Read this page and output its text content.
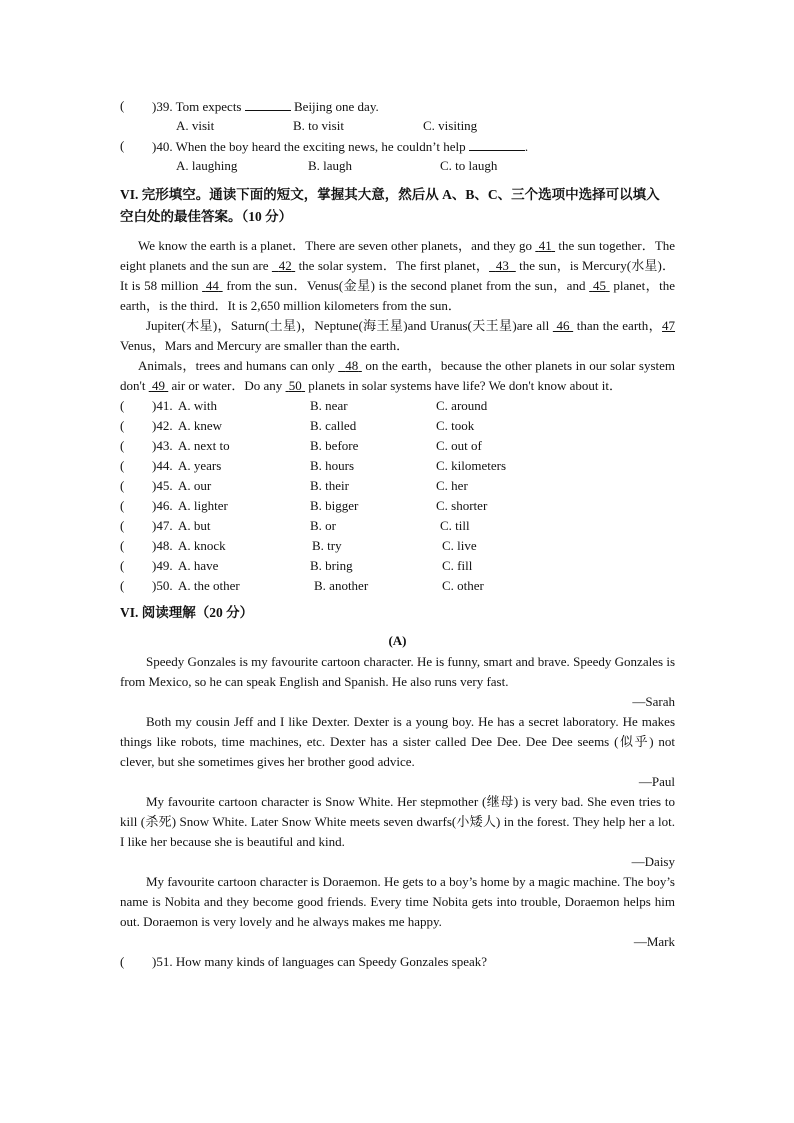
( )39. Tom expects	Beijing one day.
A. visit	B. to visit	C. visiting
( )40. When the boy heard the exciting news, he couldn’t help	.
A. laughing	B. laugh	C. to laugh
VI. 完形填空。通读下面的短文，掌握其大意，然后从 A、B、C、三个选项中选择可以填入
空白处的最佳答案。（10 分）
We know the earth is a planet．There are seven other planets，and they go  41  the sun together．The eight planets and the sun are   42  the solar system．The first planet， 43   the sun，is Mercury(水星)．It is 58 million  44  from the sun．Venus(金星) is the second planet from the sun，and  45  planet，the earth，is the third．It is 2,650 million kilometers from the sun．
Jupiter(木星)，Saturn(土星)，Neptune(海王星)and Uranus(天王星)are all  46  than the earth，47 Venus，Mars and Mercury are smaller than the earth．
Animals，trees and humans can only   48  on the earth，because the other planets in our solar system don't  49  air or water．Do any  50  planets in solar systems have life? We don't know about it．
( )41. A. with	B. near	C. around
( )42. A. knew	B. called	C. took
( )43. A. next to	B. before	C. out of
( )44. A. years	B. hours	C. kilometers
( )45. A. our	B. their	C. her
( )46. A. lighter	B. bigger	C. shorter
( )47. A. but	B. or	C. till
( )48. A. knock	B. try	C. live
( )49. A. have	B. bring	C. fill
( )50. A. the other	B. another	C. other
VI. 阅读理解（20 分）
(A)
Speedy Gonzales is my favourite cartoon character. He is funny, smart and brave. Speedy Gonzales is from Mexico, so he can speak English and Spanish. He also runs very fast.
—Sarah
Both my cousin Jeff and I like Dexter. Dexter is a young boy. He has a secret laboratory. He makes things like robots, time machines, etc. Dexter has a sister called Dee Dee. Dee Dee seems (似乎) not clever, but she sometimes gives her brother good advice.
—Paul
My favourite cartoon character is Snow White. Her stepmother (继母) is very bad. She even tries to kill (杀死) Snow White. Later Snow White meets seven dwarfs(小矮人) in the forest. They help her a lot. I like her because she is beautiful and kind.
—Daisy
My favourite cartoon character is Doraemon. He gets to a boy’s home by a magic machine. The boy’s name is Nobita and they become good friends. Every time Nobita gets into trouble, Doraemon helps him out. Doraemon is very lovely and he always makes me happy.
—Mark
( )51. How many kinds of languages can Speedy Gonzales speak?
